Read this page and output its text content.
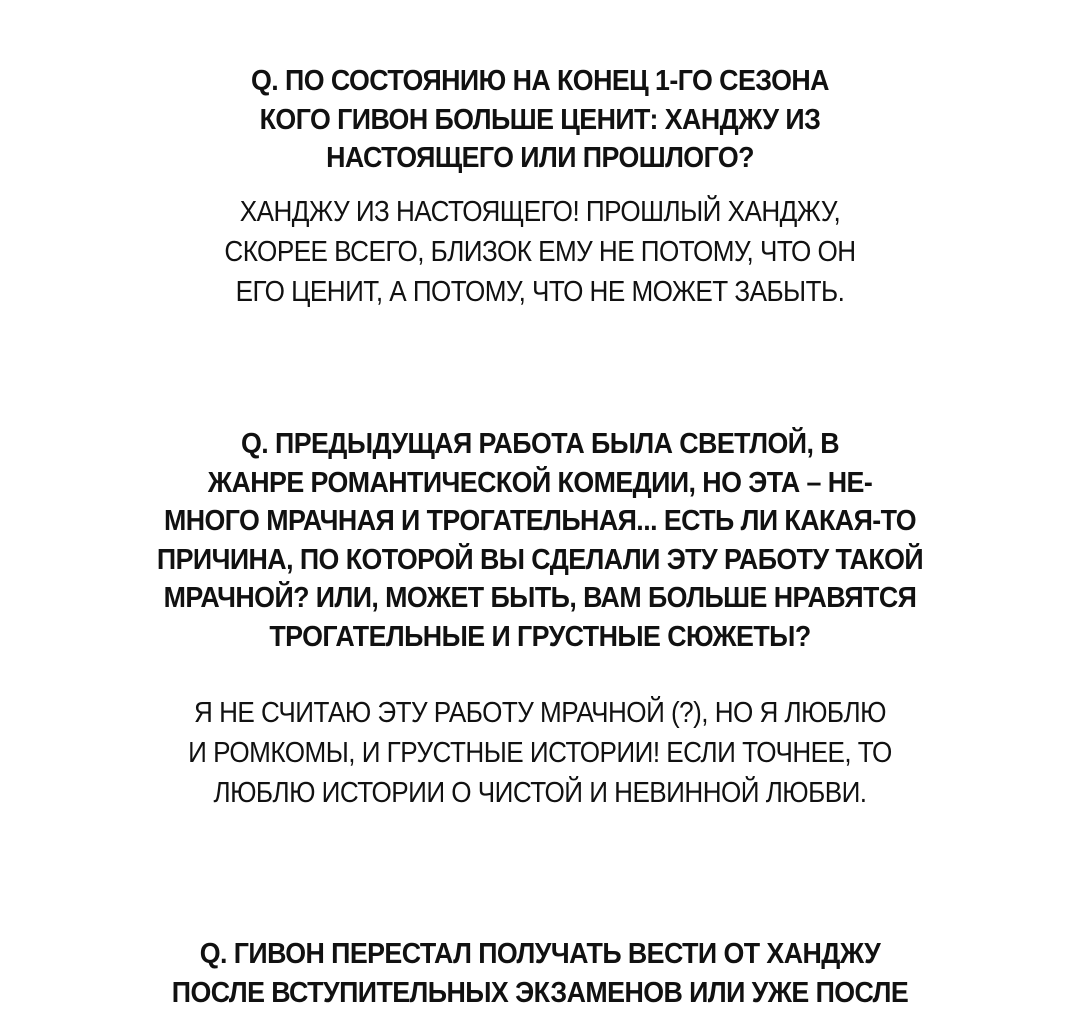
Q. ПО СОСТОЯНИЮ НА КОНЕЦ 1-ГО СЕЗОНА
КОГО ГИВОН БОЛЬШЕ ЦЕНИТ: ХАНДЖУ ИЗ
НАСТОЯЩЕГО ИЛИ ПРОШЛОГО?
ХАНДЖУ ИЗ НАСТОЯЩЕГО! ПРОШЛЫЙ ХАНДЖУ,
СКОРЕЕ ВСЕГО, БЛИЗОК ЕМУ НЕ ПОТОМУ, ЧТО ОН
ЕГО ЦЕНИТ, А ПОТОМУ, ЧТО НЕ МОЖЕТ ЗАБЫТЬ.
Q. ПРЕДЫДУЩАЯ РАБОТА БЫЛА СВЕТЛОЙ, В
ЖАНРЕ РОМАНТИЧЕСКОЙ КОМЕДИИ, НО ЭТА – НЕ-
МНОГО МРАЧНАЯ И ТРОГАТЕЛЬНАЯ... ЕСТЬ ЛИ КАКАЯ-ТО
ПРИЧИНА, ПО КОТОРОЙ ВЫ СДЕЛАЛИ ЭТУ РАБОТУ ТАКОЙ
МРАЧНОЙ? ИЛИ, МОЖЕТ БЫТЬ, ВАМ БОЛЬШЕ НРАВЯТСЯ
ТРОГАТЕЛЬНЫЕ И ГРУСТНЫЕ СЮЖЕТЫ?
Я НЕ СЧИТАЮ ЭТУ РАБОТУ МРАЧНОЙ (?), НО Я ЛЮБЛЮ
И РОМКОМЫ, И ГРУСТНЫЕ ИСТОРИИ! ЕСЛИ ТОЧНЕЕ, ТО
ЛЮБЛЮ ИСТОРИИ О ЧИСТОЙ И НЕВИННОЙ ЛЮБВИ.
Q. ГИВОН ПЕРЕСТАЛ ПОЛУЧАТЬ ВЕСТИ ОТ ХАНДЖУ
ПОСЛЕ ВСТУПИТЕЛЬНЫХ ЭКЗАМЕНОВ ИЛИ УЖЕ ПОСЛЕ
